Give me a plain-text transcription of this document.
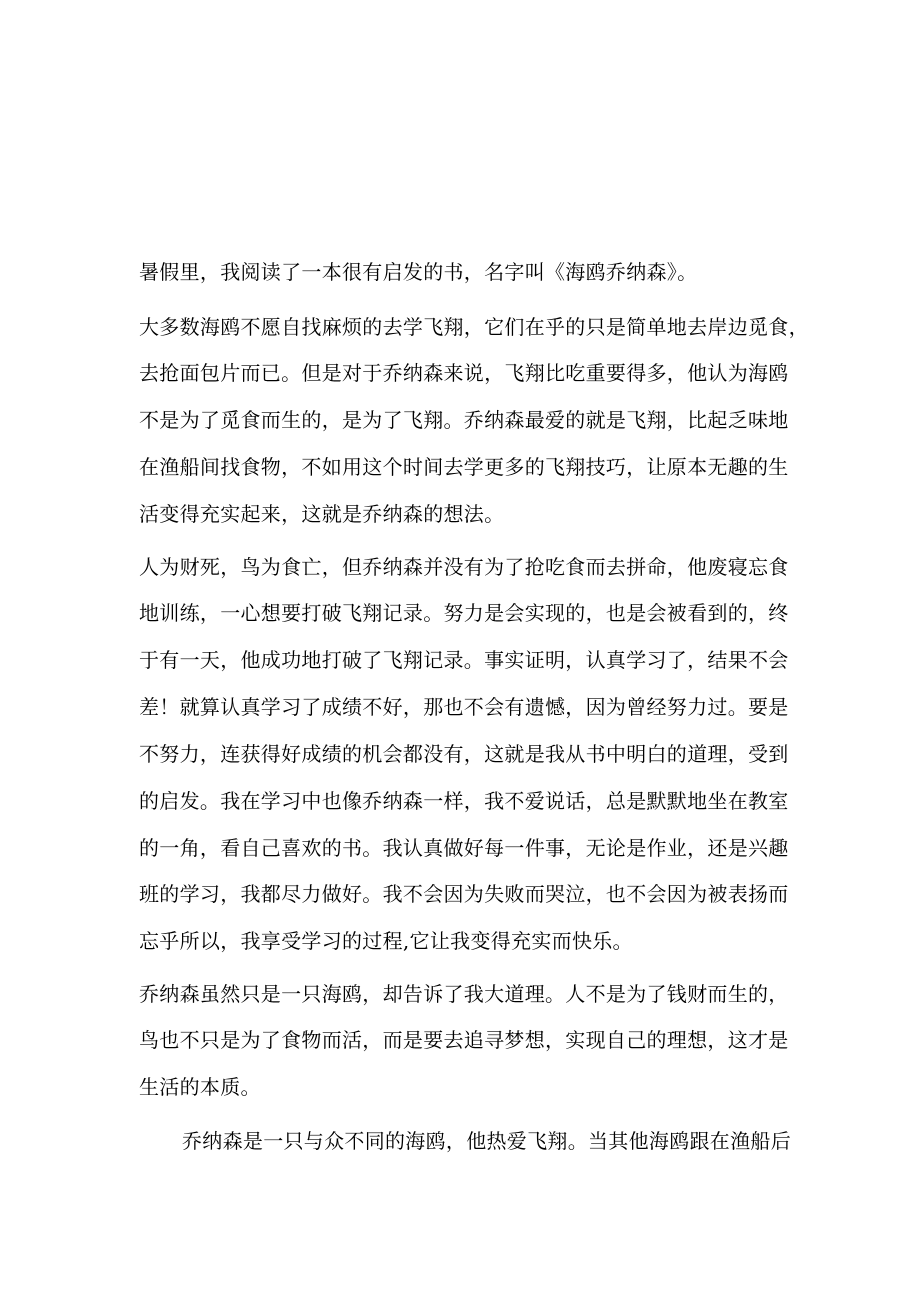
暑假里，我阅读了一本很有启发的书，名字叫《海鸥乔纳森》。
大多数海鸥不愿自找麻烦的去学飞翔，它们在乎的只是简单地去岸边觅食，
去抢面包片而已。但是对于乔纳森来说，飞翔比吃重要得多，他认为海鸥
不是为了觅食而生的，是为了飞翔。乔纳森最爱的就是飞翔，比起乏味地
在渔船间找食物，不如用这个时间去学更多的飞翔技巧，让原本无趣的生
活变得充实起来，这就是乔纳森的想法。
人为财死，鸟为食亡，但乔纳森并没有为了抢吃食而去拼命，他废寝忘食
地训练，一心想要打破飞翔记录。努力是会实现的，也是会被看到的，终
于有一天，他成功地打破了飞翔记录。事实证明，认真学习了，结果不会
差！就算认真学习了成绩不好，那也不会有遗憾，因为曾经努力过。要是
不努力，连获得好成绩的机会都没有，这就是我从书中明白的道理，受到
的启发。我在学习中也像乔纳森一样，我不爱说话，总是默默地坐在教室
的一角，看自己喜欢的书。我认真做好每一件事，无论是作业，还是兴趣
班的学习，我都尽力做好。我不会因为失败而哭泣，也不会因为被表扬而
忘乎所以，我享受学习的过程,它让我变得充实而快乐。
乔纳森虽然只是一只海鸥，却告诉了我大道理。人不是为了钱财而生的，
鸟也不只是为了食物而活，而是要去追寻梦想，实现自己的理想，这才是
生活的本质。
乔纳森是一只与众不同的海鸥，他热爱飞翔。当其他海鸥跟在渔船后
